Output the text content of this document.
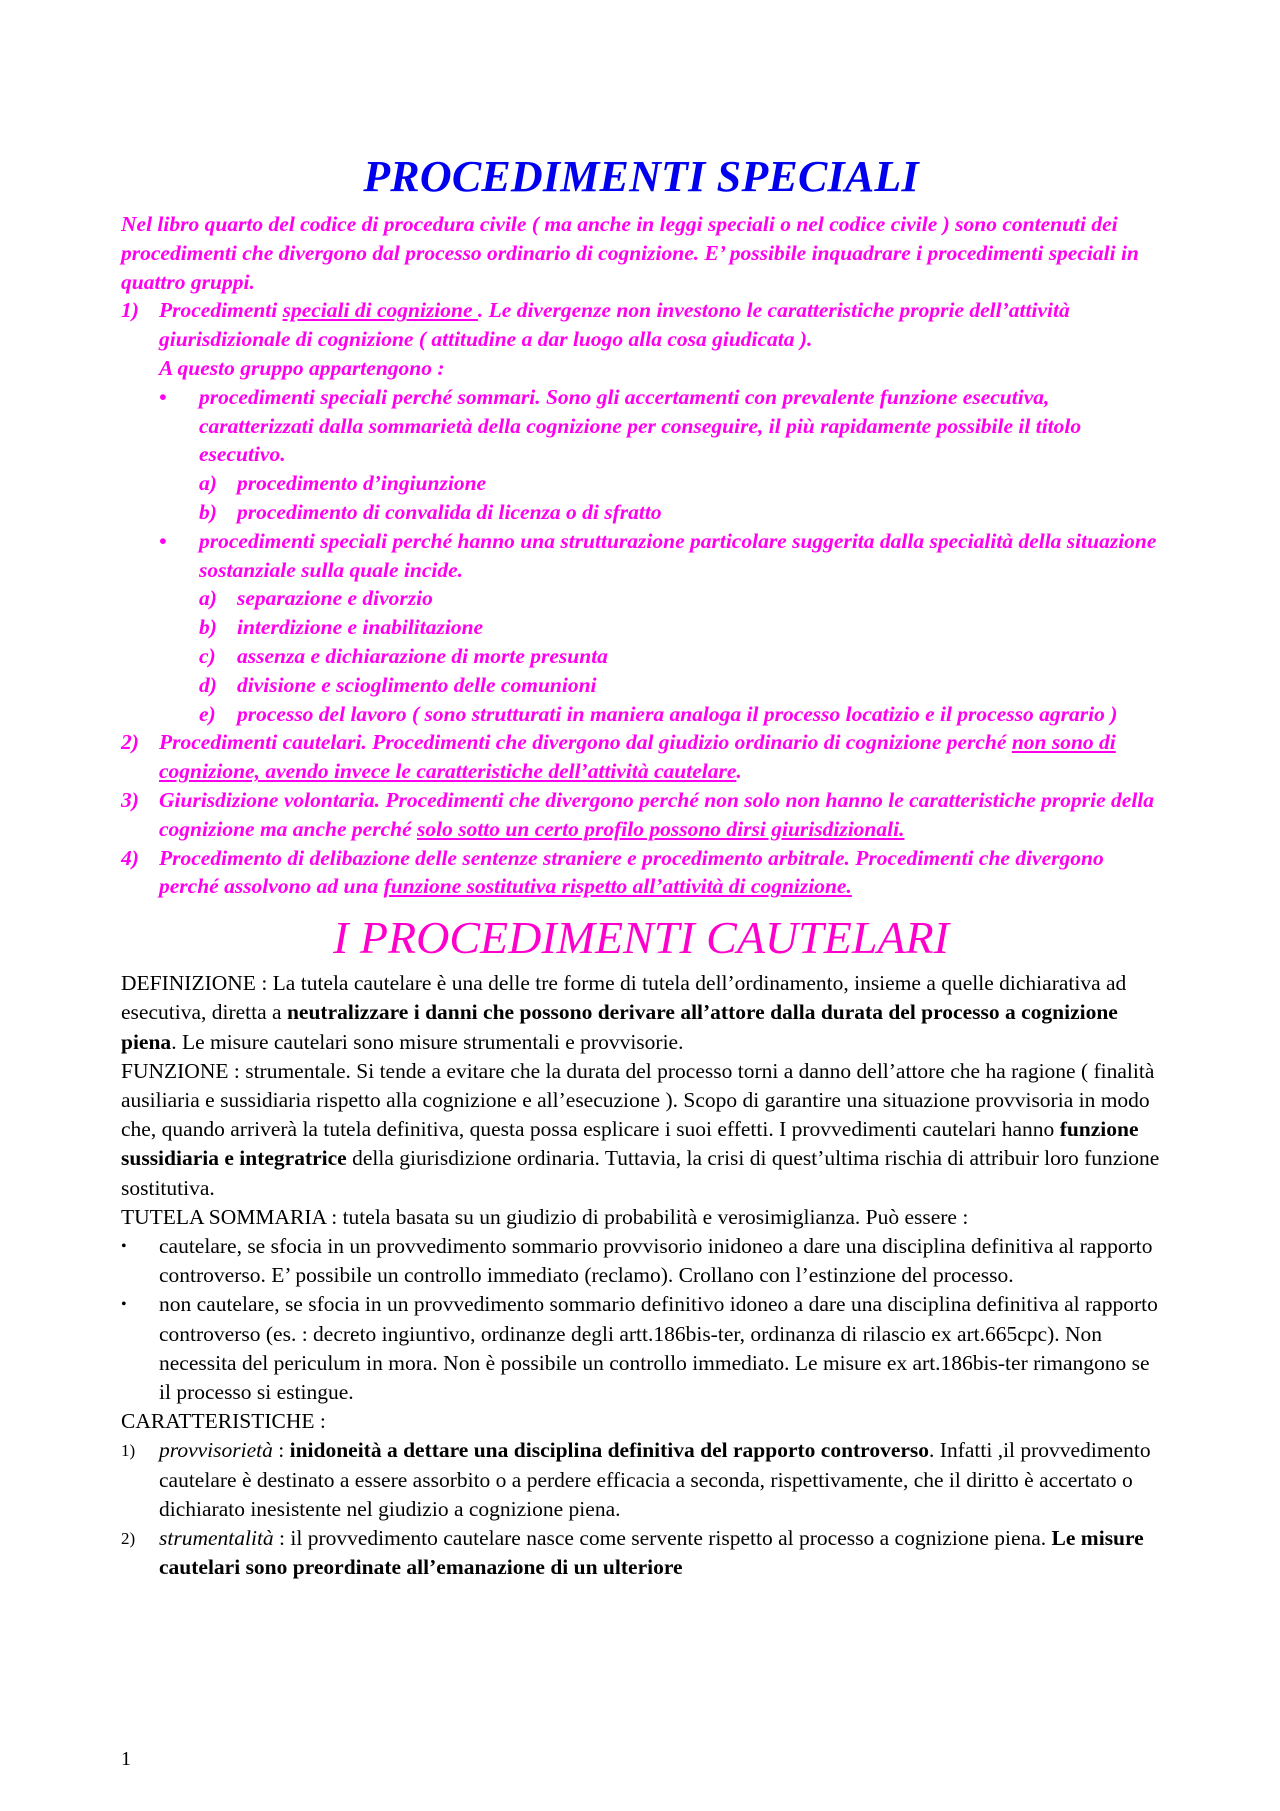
PROCEDIMENTI SPECIALI

Nel libro quarto del codice di procedura civile ( ma anche in leggi speciali o nel codice civile ) sono contenuti dei procedimenti che divergono dal processo ordinario di cognizione. E’ possibile inquadrare i procedimenti speciali in quattro gruppi.

1) Procedimenti speciali di cognizione . Le divergenze non investono le caratteristiche proprie dell’attività giurisdizionale di cognizione ( attitudine a dar luogo alla cosa giudicata ).
A questo gruppo appartengono :
•	procedimenti speciali perché sommari. Sono gli accertamenti con prevalente funzione esecutiva, caratterizzati dalla sommarietà della cognizione per conseguire, il più rapidamente possibile il titolo esecutivo.
a) procedimento d’ingiunzione
b) procedimento di convalida di licenza o di sfratto
•	procedimenti speciali perché hanno una strutturazione particolare suggerita dalla specialità della situazione sostanziale sulla quale incide.
a) separazione e divorzio
b) interdizione e inabilitazione
c) assenza e dichiarazione di morte presunta
d) divisione e scioglimento delle comunioni
e) processo del lavoro ( sono strutturati in maniera analoga il processo locatizio e il processo agrario )
2) Procedimenti cautelari. Procedimenti che divergono dal giudizio ordinario di cognizione perché non sono di cognizione, avendo invece le caratteristiche dell’attività cautelare.
3) Giurisdizione volontaria. Procedimenti che divergono perché non solo non hanno le caratteristiche proprie della cognizione ma anche perché solo sotto un certo profilo possono dirsi giurisdizionali.
4) Procedimento di delibazione delle sentenze straniere e procedimento arbitrale. Procedimenti che divergono perché assolvono ad una funzione sostitutiva rispetto all’attività di cognizione.
I PROCEDIMENTI CAUTELARI

DEFINIZIONE : La tutela cautelare è una delle tre forme di tutela dell’ordinamento, insieme a quelle dichiarativa ad esecutiva, diretta a neutralizzare i danni che possono derivare all’attore dalla durata del processo a cognizione piena. Le misure cautelari sono misure strumentali e provvisorie.

FUNZIONE : strumentale. Si tende a evitare che la durata del processo torni a danno dell’attore che ha ragione ( finalità ausiliaria e sussidiaria rispetto alla cognizione e all’esecuzione ). Scopo di garantire una situazione provvisoria in modo che, quando arriverà la tutela definitiva, questa possa esplicare i suoi effetti. I provvedimenti cautelari hanno funzione sussidiaria e integratrice della giurisdizione ordinaria. Tuttavia, la crisi di quest’ultima rischia di attribuir loro funzione sostitutiva.

TUTELA SOMMARIA : tutela basata su un giudizio di probabilità e verosimiglianza. Può essere :

•	cautelare, se sfocia in un provvedimento sommario provvisorio inidoneo a dare una disciplina definitiva al rapporto controverso. E’ possibile un controllo immediato (reclamo). Crollano con l’estinzione del processo.
•	non cautelare, se sfocia in un provvedimento sommario definitivo idoneo a dare una disciplina definitiva al rapporto controverso (es. : decreto ingiuntivo, ordinanze degli artt.186bis-ter, ordinanza di rilascio ex art.665cpc). Non necessita del periculum in mora. Non è possibile un controllo immediato. Le misure ex art.186bis-ter rimangono se il processo si estingue.

CARATTERISTICHE :

1)	provvisorietà : inidoneità a dettare una disciplina definitiva del rapporto controverso. Infatti ,il provvedimento cautelare è destinato a essere assorbito o a perdere efficacia a seconda, rispettivamente, che il diritto è accertato o dichiarato inesistente nel giudizio a cognizione piena.
2)	strumentalità : il provvedimento cautelare nasce come servente rispetto al processo a cognizione piena. Le misure cautelari sono preordinate all’emanazione di un ulteriore
1
